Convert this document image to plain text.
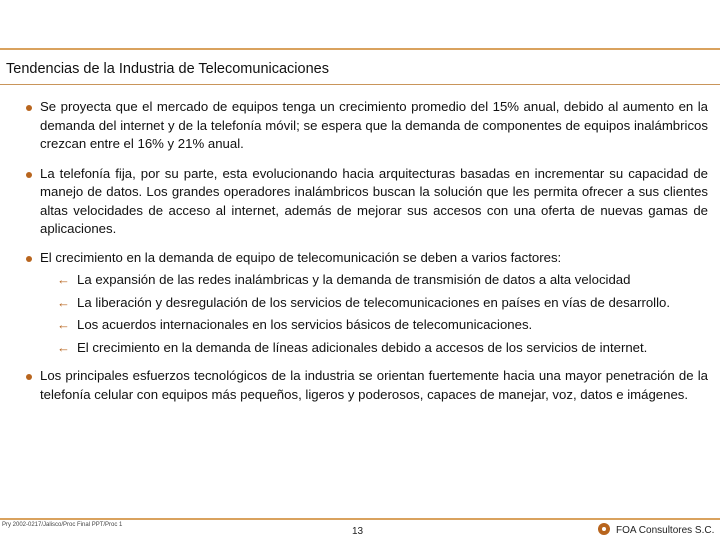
Tendencias de la Industria de Telecomunicaciones
Se proyecta que el mercado de equipos tenga un crecimiento promedio del 15% anual, debido al aumento en la demanda del internet y de la telefonía móvil; se espera que la demanda de componentes de equipos inalámbricos crezcan entre el 16% y 21% anual.
La telefonía fija, por su parte, esta evolucionando hacia arquitecturas basadas en incrementar su capacidad de manejo de datos. Los grandes operadores inalámbricos buscan la solución que les permita ofrecer a sus clientes altas velocidades de acceso al internet, además de mejorar sus accesos con una oferta de nuevas gamas de aplicaciones.
El crecimiento en la demanda de equipo de telecomunicación se deben a varios factores:
← La expansión de las redes inalámbricas y la demanda de transmisión de datos a alta velocidad
← La liberación y desregulación de los servicios de telecomunicaciones en países en vías de desarrollo.
← Los acuerdos internacionales en los servicios básicos de telecomunicaciones.
← El crecimiento en la demanda de líneas adicionales debido a accesos de los servicios de internet.
Los principales esfuerzos tecnológicos de la industria se orientan fuertemente hacia una mayor penetración de la telefonía celular con equipos más pequeños, ligeros y poderosos, capaces de manejar, voz, datos e imágenes.
Pry 2002-0217/Jalisco/Proc Final PPT/Proc 1
13	FOA Consultores S.C.
